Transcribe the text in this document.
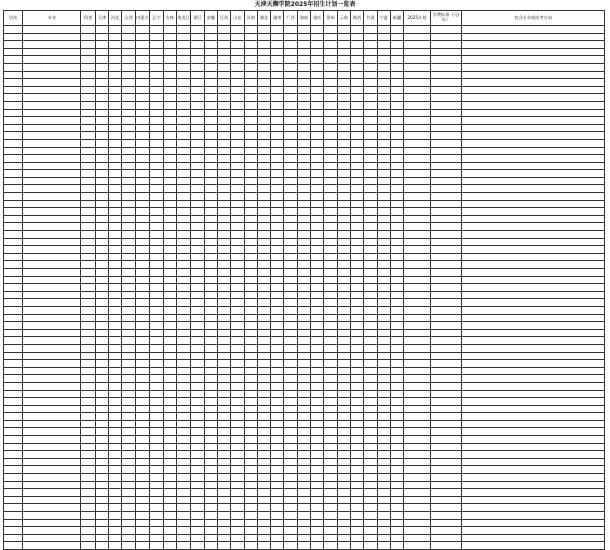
天津天狮学院2025年招生计划一览表
层次	专业	科类	天津	河北	山西	内蒙古	辽宁	吉林	黑龙江	浙江	安徽	江西	山东	河南	湖北	湖南	广西	海南	重庆	贵州	云南	陕西	甘肃	宁夏	新疆	2025计划	学费标准（元/年）	包含专业或招考方向
